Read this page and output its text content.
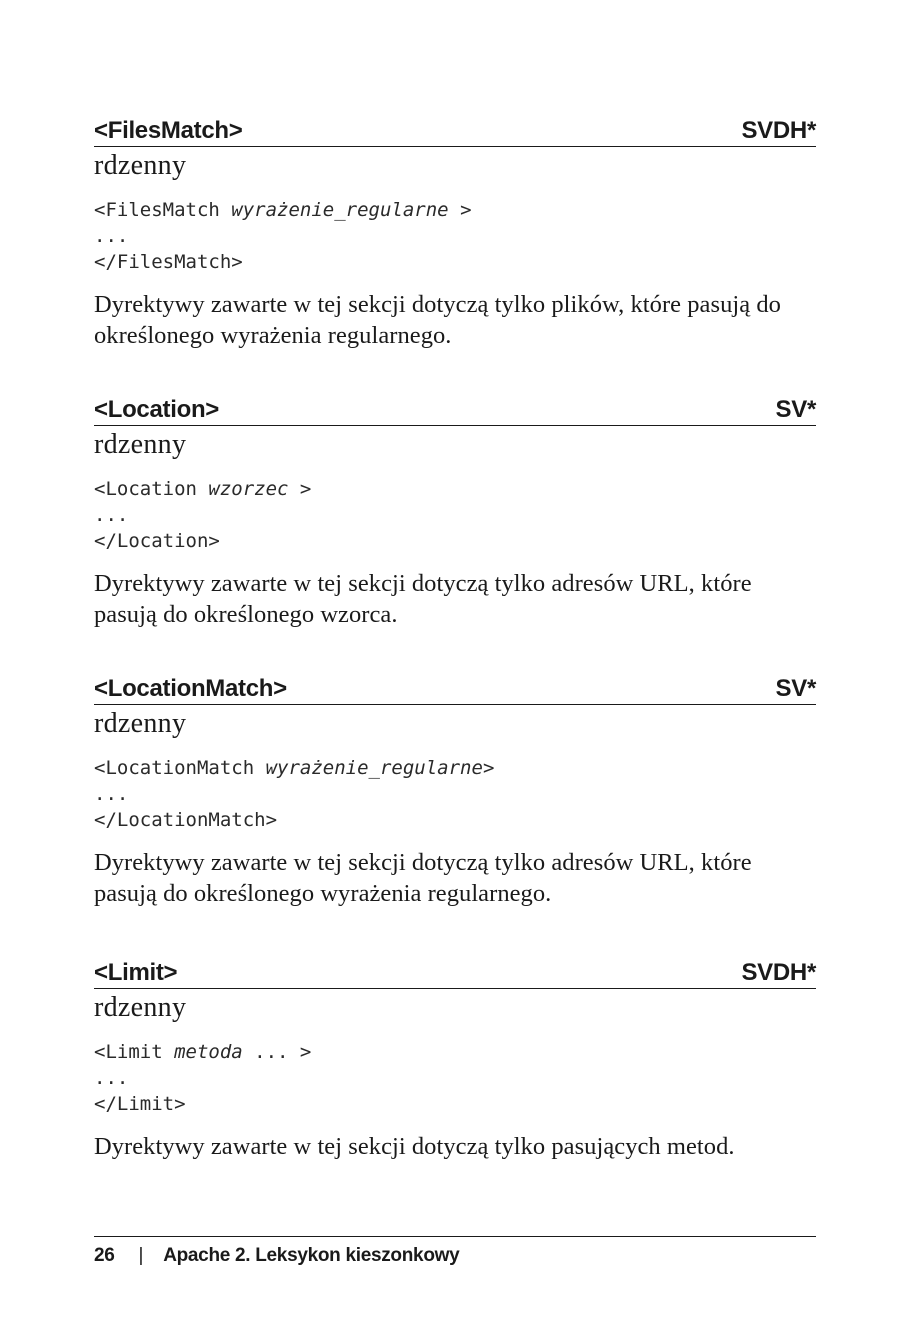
<FilesMatch>	SVDH*
rdzenny
<FilesMatch wyrażenie_regularne >
...
</FilesMatch>
Dyrektywy zawarte w tej sekcji dotyczą tylko plików, które pasują do określonego wyrażenia regularnego.
<Location>	SV*
rdzenny
<Location wzorzec >
...
</Location>
Dyrektywy zawarte w tej sekcji dotyczą tylko adresów URL, które pasują do określonego wzorca.
<LocationMatch>	SV*
rdzenny
<LocationMatch wyrażenie_regularne>
...
</LocationMatch>
Dyrektywy zawarte w tej sekcji dotyczą tylko adresów URL, które pasują do określonego wyrażenia regularnego.
<Limit>	SVDH*
rdzenny
<Limit metoda ... >
...
</Limit>
Dyrektywy zawarte w tej sekcji dotyczą tylko pasujących metod.
26 | Apache 2. Leksykon kieszonkowy
